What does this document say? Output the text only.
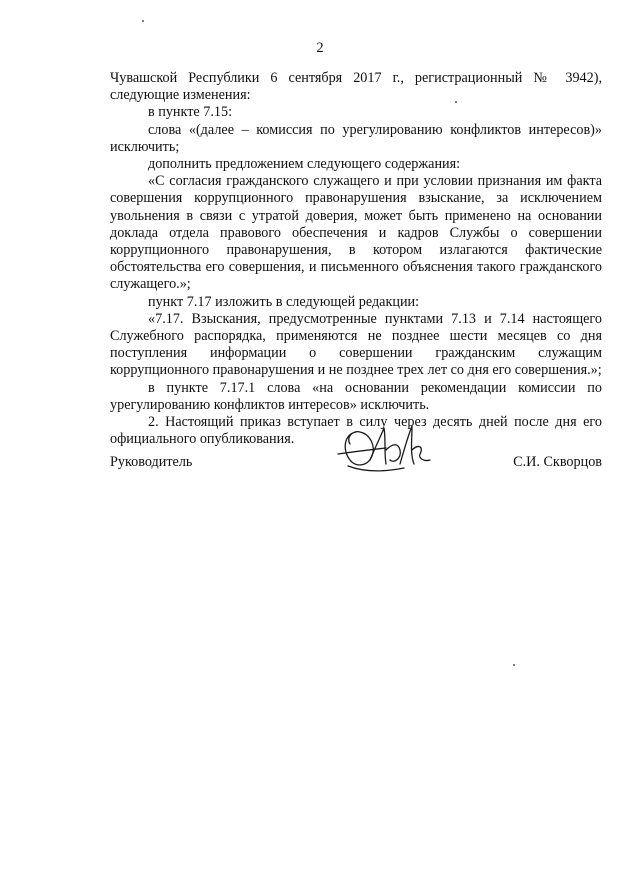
2

Чувашской Республики 6 сентября 2017 г., регистрационный № 3942), следующие изменения:

в пункте 7.15:

слова «(далее – комиссия по урегулированию конфликтов интересов)» исключить;

дополнить предложением следующего содержания:

«С согласия гражданского служащего и при условии признания им факта совершения коррупционного правонарушения взыскание, за исключением увольнения в связи с утратой доверия, может быть применено на основании доклада отдела правового обеспечения и кадров Службы о совершении коррупционного правонарушения, в котором излагаются фактические обстоятельства его совершения, и письменного объяснения такого гражданского служащего.»;

пункт 7.17 изложить в следующей редакции:

«7.17. Взыскания, предусмотренные пунктами 7.13 и 7.14 настоящего Служебного распорядка, применяются не позднее шести месяцев со дня поступления информации о совершении гражданским служащим коррупционного правонарушения и не позднее трех лет со дня его совершения.»;

в пункте 7.17.1 слова «на основании рекомендации комиссии по урегулированию конфликтов интересов» исключить.

2. Настоящий приказ вступает в силу через десять дней после дня его официального опубликования.

Руководитель	С.И. Скворцов
